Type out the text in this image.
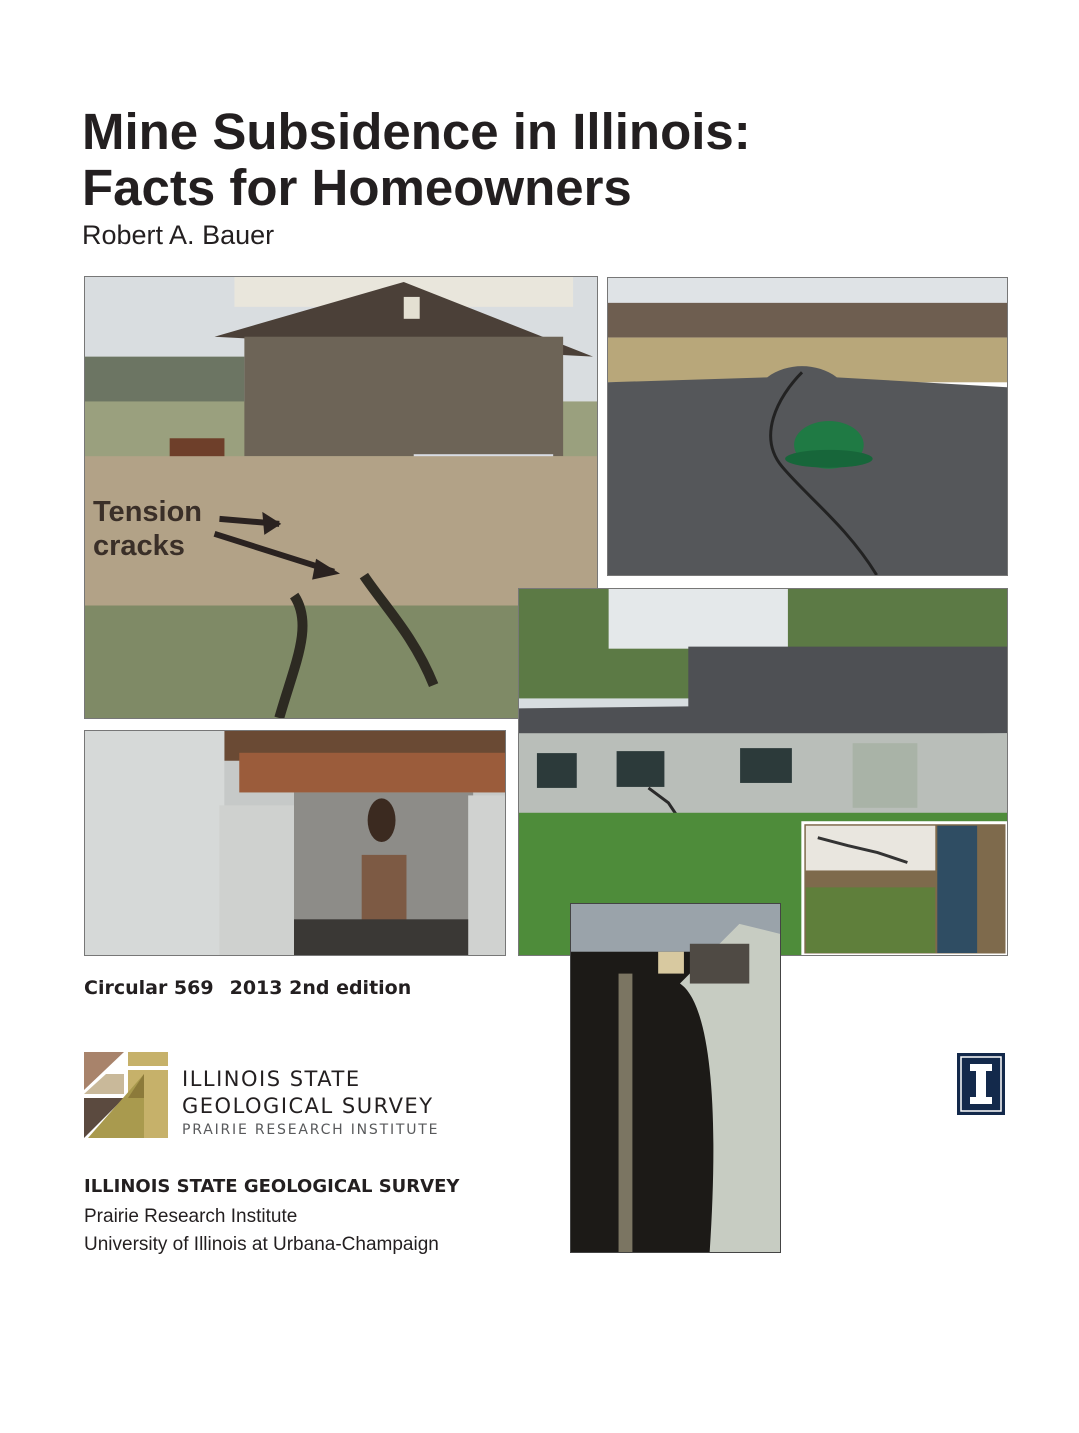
Mine Subsidence in Illinois:
Facts for Homeowners
Robert A. Bauer
Tension
cracks
Circular 569 2013 2nd edition
ILLINOIS STATE
GEOLOGICAL SURVEY
PRAIRIE RESEARCH INSTITUTE
ILLINOIS STATE GEOLOGICAL SURVEY
Prairie Research Institute
University of Illinois at Urbana-Champaign
